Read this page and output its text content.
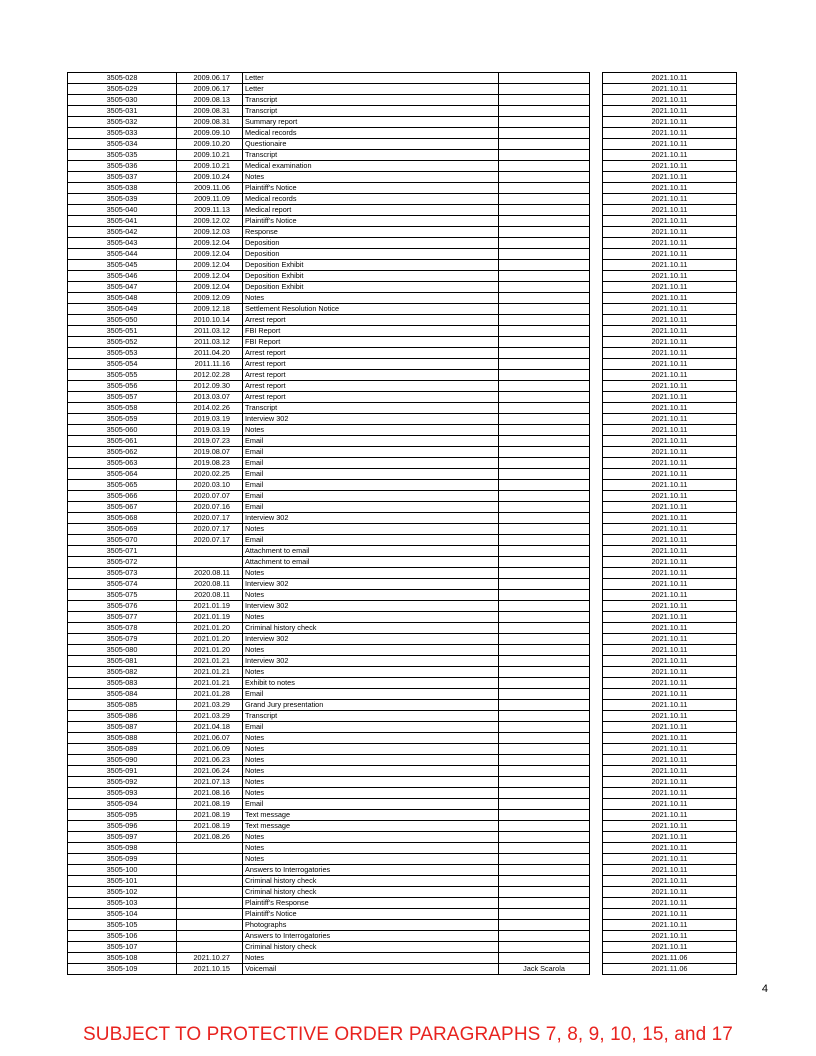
3505-028	2009.06.17	Letter			2021.10.11
3505-029	2009.06.17	Letter			2021.10.11
3505-030	2009.08.13	Transcript			2021.10.11
3505-031	2009.08.31	Transcript			2021.10.11
3505-032	2009.08.31	Summary report			2021.10.11
3505-033	2009.09.10	Medical records			2021.10.11
3505-034	2009.10.20	Questionaire			2021.10.11
3505-035	2009.10.21	Transcript			2021.10.11
3505-036	2009.10.21	Medical examination			2021.10.11
3505-037	2009.10.24	Notes			2021.10.11
3505-038	2009.11.06	Plaintiff's Notice			2021.10.11
3505-039	2009.11.09	Medical records			2021.10.11
3505-040	2009.11.13	Medical report			2021.10.11
3505-041	2009.12.02	Plaintiff's Notice			2021.10.11
3505-042	2009.12.03	Response			2021.10.11
3505-043	2009.12.04	Deposition			2021.10.11
3505-044	2009.12.04	Deposition			2021.10.11
3505-045	2009.12.04	Deposition Exhibit			2021.10.11
3505-046	2009.12.04	Deposition Exhibit			2021.10.11
3505-047	2009.12.04	Deposition Exhibit			2021.10.11
3505-048	2009.12.09	Notes			2021.10.11
3505-049	2009.12.18	Settlement Resolution Notice			2021.10.11
3505-050	2010.10.14	Arrest report			2021.10.11
3505-051	2011.03.12	FBI Report			2021.10.11
3505-052	2011.03.12	FBI Report			2021.10.11
3505-053	2011.04.20	Arrest report			2021.10.11
3505-054	2011.11.16	Arrest report			2021.10.11
3505-055	2012.02.28	Arrest report			2021.10.11
3505-056	2012.09.30	Arrest report			2021.10.11
3505-057	2013.03.07	Arrest report			2021.10.11
3505-058	2014.02.26	Transcript			2021.10.11
3505-059	2019.03.19	Interview 302			2021.10.11
3505-060	2019.03.19	Notes			2021.10.11
3505-061	2019.07.23	Email			2021.10.11
3505-062	2019.08.07	Email			2021.10.11
3505-063	2019.08.23	Email			2021.10.11
3505-064	2020.02.25	Email			2021.10.11
3505-065	2020.03.10	Email			2021.10.11
3505-066	2020.07.07	Email			2021.10.11
3505-067	2020.07.16	Email			2021.10.11
3505-068	2020.07.17	Interview 302			2021.10.11
3505-069	2020.07.17	Notes			2021.10.11
3505-070	2020.07.17	Email			2021.10.11
3505-071		Attachment to email			2021.10.11
3505-072		Attachment to email			2021.10.11
3505-073	2020.08.11	Notes			2021.10.11
3505-074	2020.08.11	Interview 302			2021.10.11
3505-075	2020.08.11	Notes			2021.10.11
3505-076	2021.01.19	Interview 302			2021.10.11
3505-077	2021.01.19	Notes			2021.10.11
3505-078	2021.01.20	Criminal history check			2021.10.11
3505-079	2021.01.20	Interview 302			2021.10.11
3505-080	2021.01.20	Notes			2021.10.11
3505-081	2021.01.21	Interview 302			2021.10.11
3505-082	2021.01.21	Notes			2021.10.11
3505-083	2021.01.21	Exhibit to notes			2021.10.11
3505-084	2021.01.28	Email			2021.10.11
3505-085	2021.03.29	Grand Jury presentation			2021.10.11
3505-086	2021.03.29	Transcript			2021.10.11
3505-087	2021.04.18	Email			2021.10.11
3505-088	2021.06.07	Notes			2021.10.11
3505-089	2021.06.09	Notes			2021.10.11
3505-090	2021.06.23	Notes			2021.10.11
3505-091	2021.06.24	Notes			2021.10.11
3505-092	2021.07.13	Notes			2021.10.11
3505-093	2021.08.16	Notes			2021.10.11
3505-094	2021.08.19	Email			2021.10.11
3505-095	2021.08.19	Text message			2021.10.11
3505-096	2021.08.19	Text message			2021.10.11
3505-097	2021.08.26	Notes			2021.10.11
3505-098		Notes			2021.10.11
3505-099		Notes			2021.10.11
3505-100		Answers to Interrogatories			2021.10.11
3505-101		Criminal history check			2021.10.11
3505-102		Criminal history check			2021.10.11
3505-103		Plaintiff's Response			2021.10.11
3505-104		Plaintiff's Notice			2021.10.11
3505-105		Photographs			2021.10.11
3505-106		Answers to Interrogatories			2021.10.11
3505-107		Criminal history check			2021.10.11
3505-108	2021.10.27	Notes			2021.11.06
3505-109	2021.10.15	Voicemail	Jack Scarola		2021.11.06
4
SUBJECT TO PROTECTIVE ORDER PARAGRAPHS 7, 8, 9, 10, 15, and 17
